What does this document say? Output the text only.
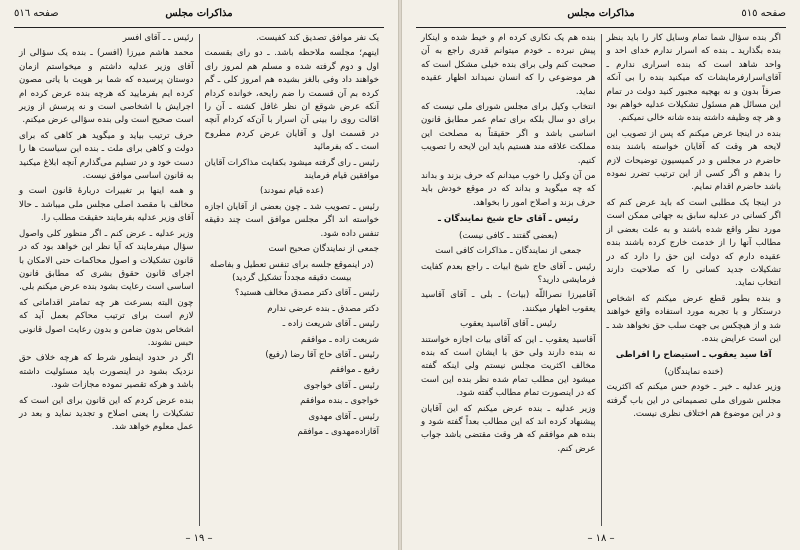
صفحه ٥١٦	مذاکرات مجلس

یک نفر موافق تصدیق کند کفیست.

اینهم؛ مجلسه ملاحظه باشد. ـ دو رای بقسمت اول و دوم گرفته شده و مسلم هم لمروز رای خواهند داد وفی بالغز بشیده هم امروز کلی ـ گم کرده بم آن قسمت را ضم رایحه، خوانده کردام آنکه عرض شوقع ان نظر غافل کشته ـ آن را اقالت روی را بینی آن اسرار با آن‌که کردام آنچه در قسمت اول و آقایان عرض کردم مطروح است ـ که بفرمائید

رئیس ـ رای گرفته میشود بکفایت مذاکرات آقایان موافقین قیام فرمایند

(عده قیام نمودند)

رئیس ـ تصویب شد ـ چون بعضی از آقایان اجازه خواسته اند اگر مجلس موافق است چند دقیقه تنفس داده شود.

جمعی از نمایندگان صحیح است

(در اینموقع جلسه برای تنفس تعطیل و بفاصله بیست دقیقه مجدداً تشکیل گردید)

رئیس ـ آقای دکتر مصدق مخالف هستید؟

دکتر مصدق ـ بنده عرضی ندارم

رئیس ـ آقای شریعت زاده ـ

شریعت زاده ـ موافقم

رئیس ـ آقای حاج آقا رضا (رفیع)

رفیع ـ موافقم

رئیس ـ آقای خواجوی

خواجوی ـ بنده موافقم

رئیس ـ آقای مهدوی

آقازاده‌مهدوی ـ موافقم

رئیس ـ ـ آقای افسر

محمد هاشم میرزا (افسر) ـ بنده یک سؤالی از آقای وزیر عدلیه داشتم و میخواستم ازمان دوستان پرسیده که شما بر هویت با یاتی مصون کرده ایم بفرمایید که هرچه بنده عرض کرده ام اجرایش با اشخاصی است و نه پرسش از وزیر است صحیح است ولی بنده سؤالی عرض میکنم.

حرف ترتیب بیاید و میگوید هر کاهی که برای دولت و کاهی برای ملت ـ بنده این سیاست ها را دست خود و در تسلیم می‌گذارم آنچه ابلاغ میکنید به قانون اساسی موافق نیست.

و همه اینها بر تغییرات دربارهٔ قانون است و مخالف با مقصد اصلی مجلس ملی میباشد ـ حالا آقای وزیر عدلیه بفرمایند حقیقت مطلب را.

وزیر عدلیه ـ عرض کنم ـ اگر منظور کلی واصول سؤال میفرمایند که آیا نظر این خواهد بود که در قانون تشکیلات و اصول محاکمات حتی الامکان با اجرای قانون حقوق بشری که مطابق قانون اساسی است رعایت بشود بنده عرض میکنم بلی.

چون البته بسرعت هر چه تمامتر اقداماتی که لازم است برای ترتیب محاکم بعمل آید که اشخاص بدون ضامن و بدون رعایت اصول قانونی حبس نشوند.

اگر در حدود اینطور شرط که هرچه خلاف حق نزدیک بشود در اینصورت باید مسئولیت داشته باشد و هرکه تقصیر نموده مجازات شود.

بنده عرض کردم که این قانون برای این است که تشکیلات را یعنی اصلاح و تجدید نماید و بعد در عمل معلوم خواهد شد.

– ١٩ –
صفحه ٥١٥
مذاکرات مجلس

اگر بنده سؤال شما تمام وسایل کار را باید بنظر بنده بگذارید ـ بنده که اسرار ندارم خدای احد و واحد شاهد است که بنده اسراری ندارم ـ آقای‌اسرار‌فرمایشات که میکنید بنده را بی آنکه صرفاً بدون و نه بهجیه مجبور کنید دولت در تمام این مسائل هم مسئول تشکیلات عدلیه خواهم بود و هر چه وظیفه داشته بنده شانه خالی نمیکنم.

بنده در اینجا عرض میکنم که پس از تصویب این لایحه هر وقت که آقایان خواسته باشند بنده حاضرم در مجلس و در کمیسیون توضیحات لازم را بدهم و اگر کسی از این ترتیب تضرر نموده باشد حاضرم اقدام نمایم.

در اینجا یک مطلبی است که باید عرض کنم که اگر کسانی در عدلیه سابق به جهاتی ممکن است مورد نظر واقع شده باشند و به علت بعضی از مطالب آنها را از خدمت خارج کرده باشند بنده عقیده دارم که دولت این حق را دارد که در تشکیلات جدید کسانی را که صلاحیت دارند انتخاب نماید.

و بنده بطور قطع عرض میکنم که اشخاص درستکار و با تجربه مورد استفاده واقع خواهند شد و از هیچکس بی جهت سلب حق نخواهد شد ـ این است عرایض بنده.

آقا سید یعقوب ـ استیضاح را افراطی

(خنده نمایندگان)

وزیر عدلیه ـ خیر ـ خودم حس میکنم که اکثریت مجلس شورای ملی تصمیماتی در این باب گرفته و در این موضوع هم اختلاف نظری نیست.

بنده هم یک نکاری کرده ام و خیط شده و اینکار پیش نبرده ـ خودم میتوانم قدری راجع به آن صحبت کنم ولی برای بنده خیلی مشکل است که هر موضوعی را که انسان نمیداند اظهار عقیده نماید.

انتخاب وکیل برای مجلس شورای ملی نیست که برای دو سال بلکه برای تمام عمر مطابق قانون اساسی باشد و اگر حقیقتاً به مصلحت این مملکت علاقه مند هستیم باید این لایحه را تصویب کنیم.

من آن وکیل را خوب میدانم که حرف بزند و بداند که چه میگوید و بداند که در موقع خودش باید حرف بزند و اصلاح امور را بخواهد.

رئیس ـ آقای حاج شیخ نمایندگان ـ

(بعضی گفتند ـ کافی نیست)

جمعی از نمایندگان ـ مذاکرات کافی است

رئیس ـ آقای حاج شیخ ابیات ـ راجع بعدم کفایت فرمایشی دارید؟

آقامیرزا نصراللّه (بیات) ـ بلی ـ آقای آقاسید یعقوب اظهار میکنند.

رئیس ـ آقای آقاسید یعقوب

آقاسید یعقوب ـ این که آقای بیات اجازه خواستند نه بنده دارند ولی حق با ایشان است که بنده مخالف اکثریت مجلس نیستم ولی اینکه گفته میشود این مطلب تمام شده نظر بنده این است که در اینصورت تمام مطالب گفته شود.

وزیر عدلیه ـ بنده عرض میکنم که این آقایان پیشنهاد کرده اند که این مطالب بعداً گفته شود و بنده هم موافقم که هر وقت مقتضی باشد جواب عرض کنم.

– ١٨ –
